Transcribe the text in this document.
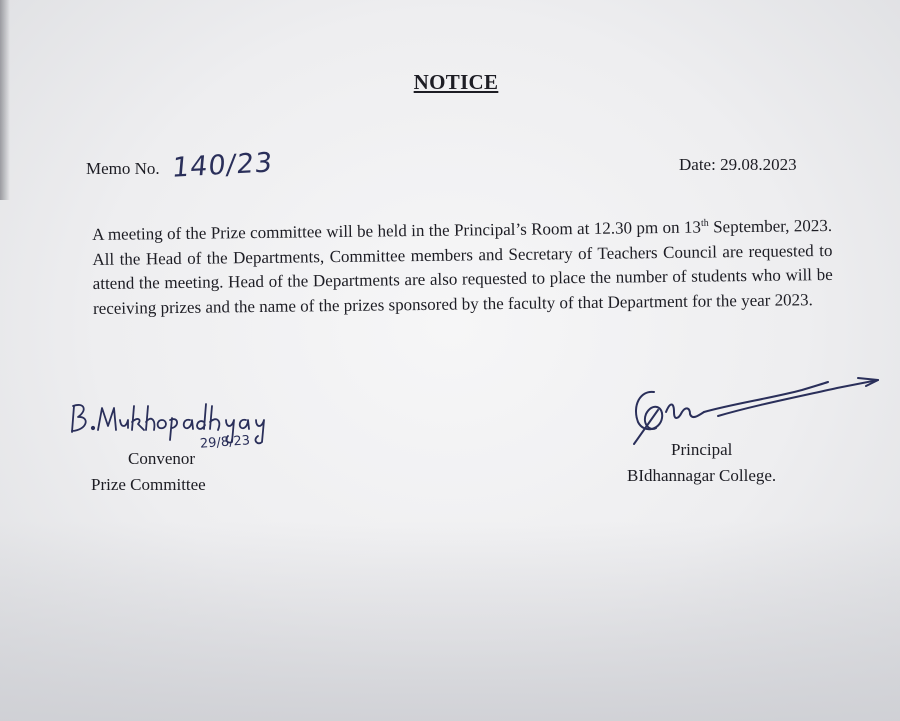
NOTICE
Memo No. 140/23	Date: 29.08.2023
A meeting of the Prize committee will be held in the Principal’s Room at 12.30 pm on 13th September, 2023. All the Head of the Departments, Committee members and Secretary of Teachers Council are requested to attend the meeting. Head of the Departments are also requested to place the number of students who will be receiving prizes and the name of the prizes sponsored by the faculty of that Department for the year 2023.
29/8/23
Convenor
Prize Committee
Principal
BIdhannagar College.
